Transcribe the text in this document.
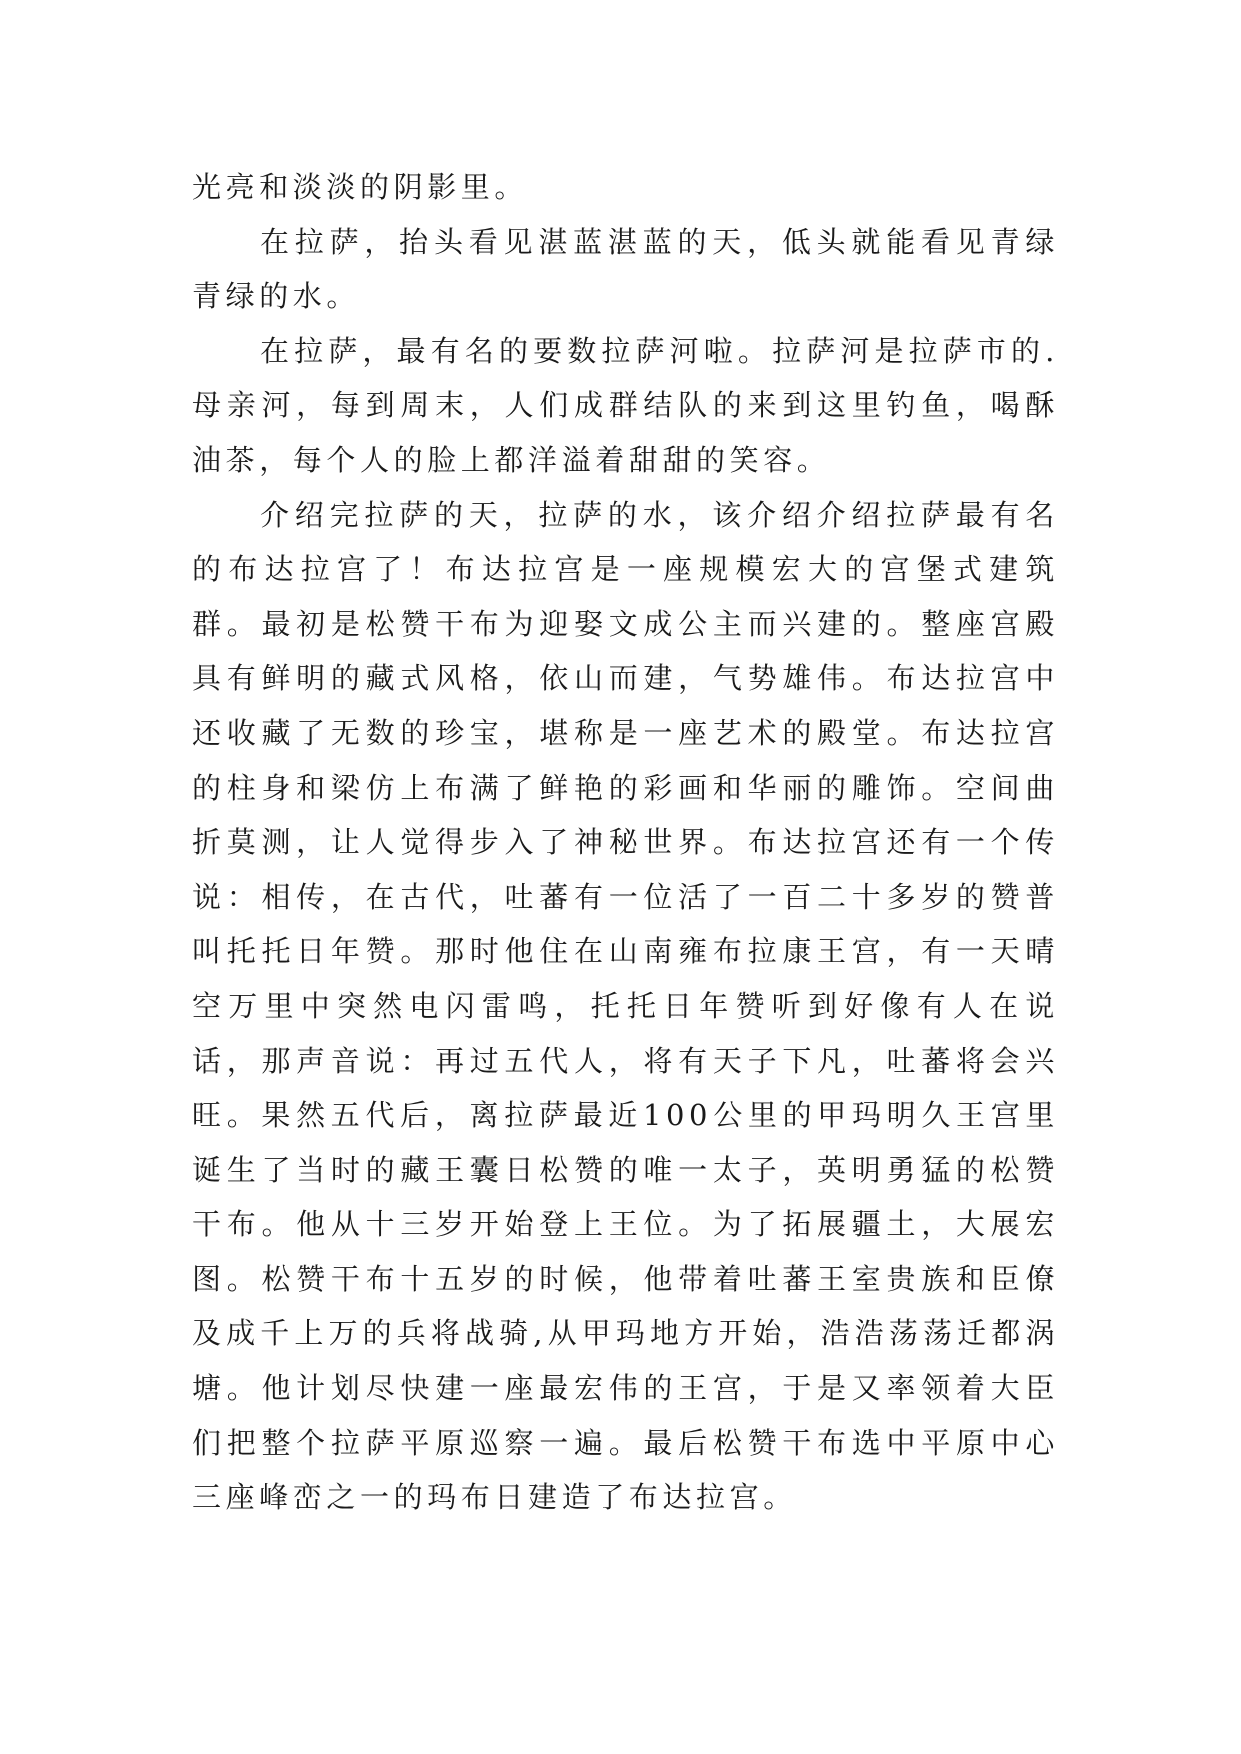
光亮和淡淡的阴影里。

在拉萨，抬头看见湛蓝湛蓝的天，低头就能看见青绿青绿的水。

在拉萨，最有名的要数拉萨河啦。拉萨河是拉萨市的.母亲河，每到周末，人们成群结队的来到这里钓鱼，喝酥油茶，每个人的脸上都洋溢着甜甜的笑容。

介绍完拉萨的天，拉萨的水，该介绍介绍拉萨最有名的布达拉宫了！布达拉宫是一座规模宏大的宫堡式建筑群。最初是松赞干布为迎娶文成公主而兴建的。整座宫殿具有鲜明的藏式风格，依山而建，气势雄伟。布达拉宫中还收藏了无数的珍宝，堪称是一座艺术的殿堂。布达拉宫的柱身和梁仿上布满了鲜艳的彩画和华丽的雕饰。空间曲折莫测，让人觉得步入了神秘世界。布达拉宫还有一个传说：相传，在古代，吐蕃有一位活了一百二十多岁的赞普叫托托日年赞。那时他住在山南雍布拉康王宫，有一天晴空万里中突然电闪雷鸣，托托日年赞听到好像有人在说话，那声音说：再过五代人，将有天子下凡，吐蕃将会兴旺。果然五代后，离拉萨最近100公里的甲玛明久王宫里诞生了当时的藏王囊日松赞的唯一太子，英明勇猛的松赞干布。他从十三岁开始登上王位。为了拓展疆土，大展宏图。松赞干布十五岁的时候，他带着吐蕃王室贵族和臣僚及成千上万的兵将战骑,从甲玛地方开始，浩浩荡荡迁都涡塘。他计划尽快建一座最宏伟的王宫，于是又率领着大臣们把整个拉萨平原巡察一遍。最后松赞干布选中平原中心三座峰峦之一的玛布日建造了布达拉宫。
